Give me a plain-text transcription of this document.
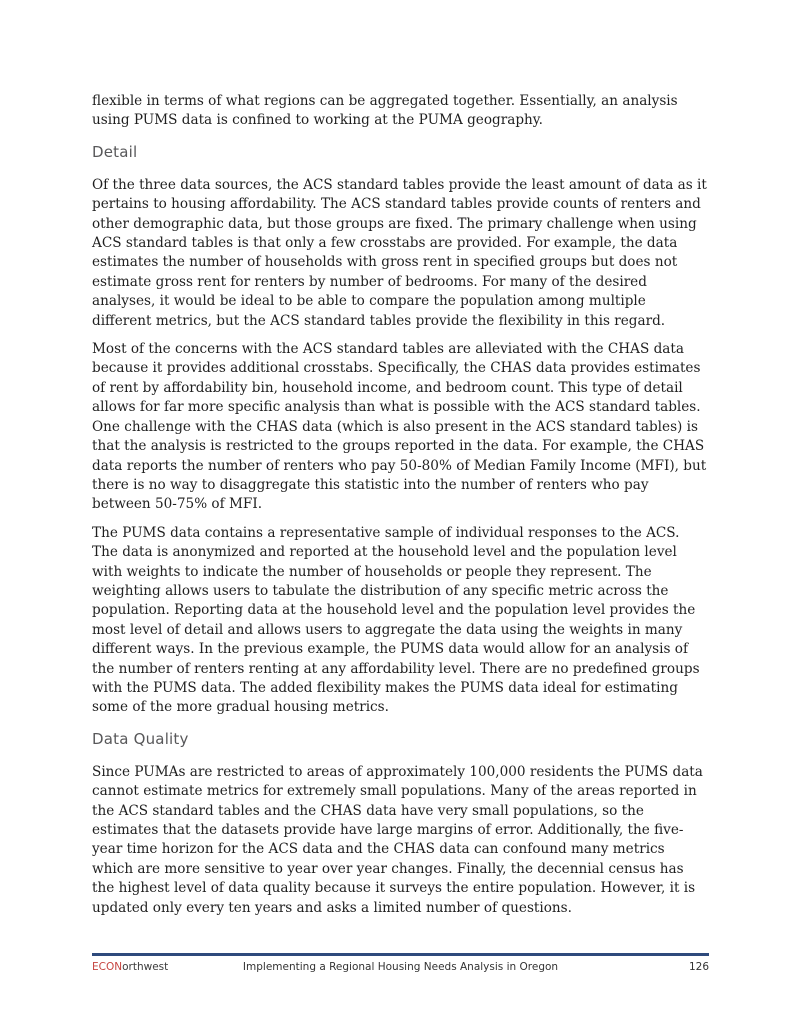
flexible in terms of what regions can be aggregated together. Essentially, an analysis using PUMS data is confined to working at the PUMA geography.

Detail

Of the three data sources, the ACS standard tables provide the least amount of data as it pertains to housing affordability. The ACS standard tables provide counts of renters and other demographic data, but those groups are fixed. The primary challenge when using ACS standard tables is that only a few crosstabs are provided. For example, the data estimates the number of households with gross rent in specified groups but does not estimate gross rent for renters by number of bedrooms. For many of the desired analyses, it would be ideal to be able to compare the population among multiple different metrics, but the ACS standard tables provide the flexibility in this regard.

Most of the concerns with the ACS standard tables are alleviated with the CHAS data because it provides additional crosstabs. Specifically, the CHAS data provides estimates of rent by affordability bin, household income, and bedroom count. This type of detail allows for far more specific analysis than what is possible with the ACS standard tables. One challenge with the CHAS data (which is also present in the ACS standard tables) is that the analysis is restricted to the groups reported in the data. For example, the CHAS data reports the number of renters who pay 50-80% of Median Family Income (MFI), but there is no way to disaggregate this statistic into the number of renters who pay between 50-75% of MFI.

The PUMS data contains a representative sample of individual responses to the ACS. The data is anonymized and reported at the household level and the population level with weights to indicate the number of households or people they represent. The weighting allows users to tabulate the distribution of any specific metric across the population. Reporting data at the household level and the population level provides the most level of detail and allows users to aggregate the data using the weights in many different ways. In the previous example, the PUMS data would allow for an analysis of the number of renters renting at any affordability level. There are no predefined groups with the PUMS data. The added flexibility makes the PUMS data ideal for estimating some of the more gradual housing metrics.

Data Quality

Since PUMAs are restricted to areas of approximately 100,000 residents the PUMS data cannot estimate metrics for extremely small populations. Many of the areas reported in the ACS standard tables and the CHAS data have very small populations, so the estimates that the datasets provide have large margins of error. Additionally, the five-year time horizon for the ACS data and the CHAS data can confound many metrics which are more sensitive to year over year changes. Finally, the decennial census has the highest level of data quality because it surveys the entire population. However, it is updated only every ten years and asks a limited number of questions.

ECONorthwest	Implementing a Regional Housing Needs Analysis in Oregon	126
